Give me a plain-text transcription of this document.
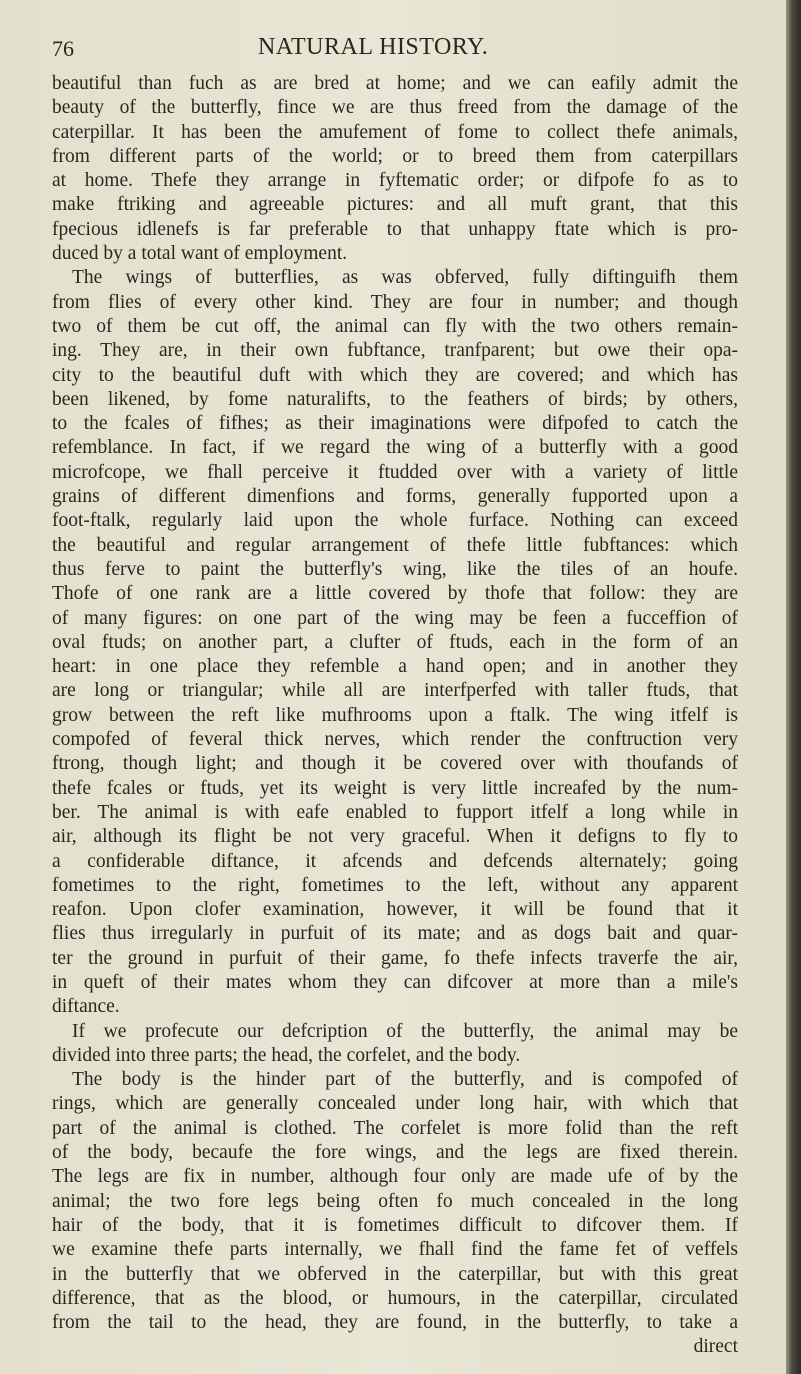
76	NATURAL HISTORY.
beautiful than fuch as are bred at home; and we can eafily admit the
beauty of the butterfly, fince we are thus freed from the damage of the
caterpillar. It has been the amufement of fome to collect thefe animals,
from different parts of the world; or to breed them from caterpillars
at home. Thefe they arrange in fyftematic order; or difpofe fo as to
make ftriking and agreeable pictures: and all muft grant, that this
fpecious idlenefs is far preferable to that unhappy ftate which is pro-
duced by a total want of employment.
The wings of butterflies, as was obferved, fully diftinguifh them
from flies of every other kind. They are four in number; and though
two of them be cut off, the animal can fly with the two others remain-
ing. They are, in their own fubftance, tranfparent; but owe their opa-
city to the beautiful duft with which they are covered; and which has
been likened, by fome naturalifts, to the feathers of birds; by others,
to the fcales of fifhes; as their imaginations were difpofed to catch the
refemblance. In fact, if we regard the wing of a butterfly with a good
microfcope, we fhall perceive it ftudded over with a variety of little
grains of different dimenfions and forms, generally fupported upon a
foot-ftalk, regularly laid upon the whole furface. Nothing can exceed
the beautiful and regular arrangement of thefe little fubftances: which
thus ferve to paint the butterfly's wing, like the tiles of an houfe.
Thofe of one rank are a little covered by thofe that follow: they are
of many figures: on one part of the wing may be feen a fucceffion of
oval ftuds; on another part, a clufter of ftuds, each in the form of an
heart: in one place they refemble a hand open; and in another they
are long or triangular; while all are interfperfed with taller ftuds, that
grow between the reft like mufhrooms upon a ftalk. The wing itfelf is
compofed of feveral thick nerves, which render the conftruction very
ftrong, though light; and though it be covered over with thoufands of
thefe fcales or ftuds, yet its weight is very little increafed by the num-
ber. The animal is with eafe enabled to fupport itfelf a long while in
air, although its flight be not very graceful. When it defigns to fly to
a confiderable diftance, it afcends and defcends alternately; going
fometimes to the right, fometimes to the left, without any apparent
reafon. Upon clofer examination, however, it will be found that it
flies thus irregularly in purfuit of its mate; and as dogs bait and quar-
ter the ground in purfuit of their game, fo thefe infects traverfe the air,
in queft of their mates whom they can difcover at more than a mile's
diftance.
If we profecute our defcription of the butterfly, the animal may be
divided into three parts; the head, the corfelet, and the body.
The body is the hinder part of the butterfly, and is compofed of
rings, which are generally concealed under long hair, with which that
part of the animal is clothed. The corfelet is more folid than the reft
of the body, becaufe the fore wings, and the legs are fixed therein.
The legs are fix in number, although four only are made ufe of by the
animal; the two fore legs being often fo much concealed in the long
hair of the body, that it is fometimes difficult to difcover them. If
we examine thefe parts internally, we fhall find the fame fet of veffels
in the butterfly that we obferved in the caterpillar, but with this great
difference, that as the blood, or humours, in the caterpillar, circulated
from the tail to the head, they are found, in the butterfly, to take a
direct
